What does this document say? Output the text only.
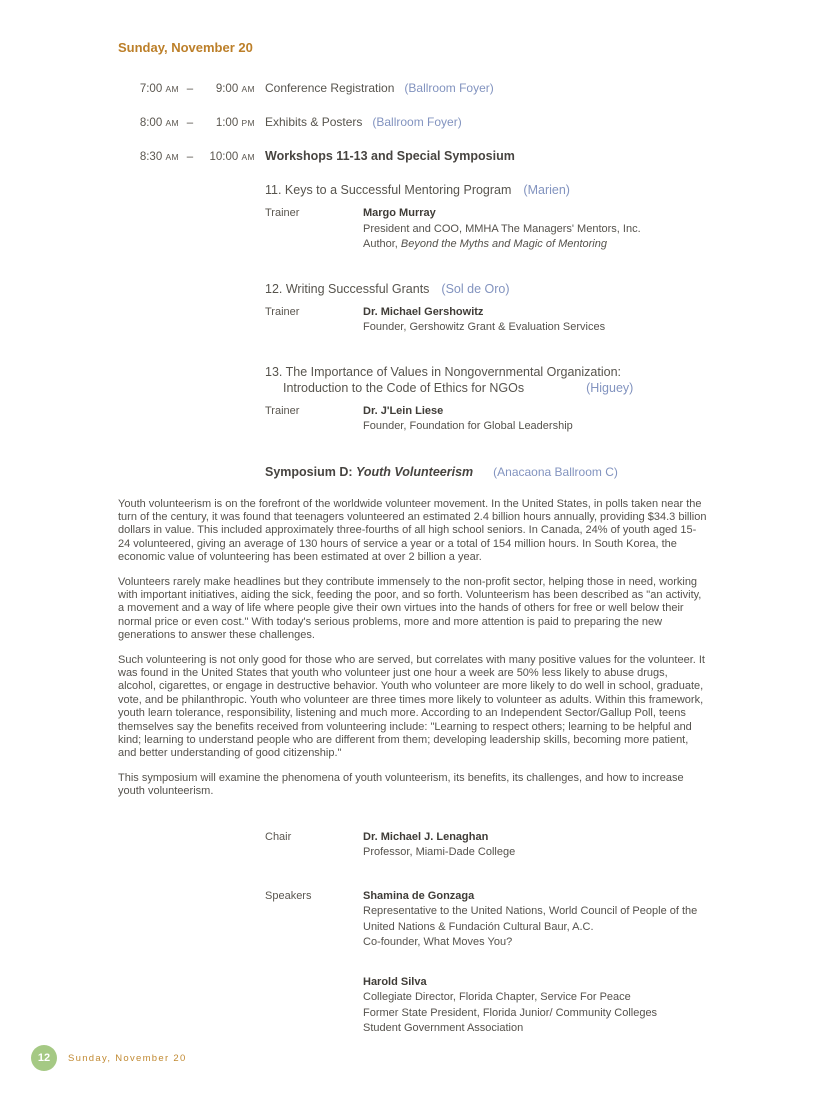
Sunday, November 20
7:00 AM –	9:00 AM Conference Registration (Ballroom Foyer)
8:00 AM –	1:00 PM Exhibits & Posters (Ballroom Foyer)
8:30 AM –	10:00 AM Workshops 11-13 and Special Symposium
11. Keys to a Successful Mentoring Program (Marien)
Trainer	Margo Murray
President and COO, MMHA The Managers' Mentors, Inc.
Author, Beyond the Myths and Magic of Mentoring
12. Writing Successful Grants (Sol de Oro)
Trainer	Dr. Michael Gershowitz
Founder, Gershowitz Grant & Evaluation Services
13. The Importance of Values in Nongovernmental Organization:
Introduction to the Code of Ethics for NGOs	(Higuey)
Trainer	Dr. J'Lein Liese
Founder, Foundation for Global Leadership
Symposium D: Youth Volunteerism (Anacaona Ballroom C)

Youth volunteerism is on the forefront of the worldwide volunteer movement. In the United States, in polls taken near the turn of the century, it was found that teenagers volunteered an estimated 2.4 billion hours annually, providing $34.3 billion dollars in value. This included approximately three-fourths of all high school seniors. In Canada, 24% of youth aged 15-24 volunteered, giving an average of 130 hours of service a year or a total of 154 million hours. In South Korea, the economic value of volunteering has been estimated at over 2 billion a year.

Volunteers rarely make headlines but they contribute immensely to the non-profit sector, helping those in need, working with important initiatives, aiding the sick, feeding the poor, and so forth. Volunteerism has been described as "an activity, a movement and a way of life where people give their own virtues into the hands of others for free or well below their normal price or even cost." With today's serious problems, more and more attention is paid to preparing the new generations to answer these challenges.

Such volunteering is not only good for those who are served, but correlates with many positive values for the volunteer. It was found in the United States that youth who volunteer just one hour a week are 50% less likely to abuse drugs, alcohol, cigarettes, or engage in destructive behavior. Youth who volunteer are more likely to do well in school, graduate, vote, and be philanthropic. Youth who volunteer are three times more likely to volunteer as adults. Within this framework, youth learn tolerance, responsibility, listening and much more. According to an Independent Sector/Gallup Poll, teens themselves say the benefits received from volunteering include: "Learning to respect others; learning to be helpful and kind; learning to understand people who are different from them; developing leadership skills, becoming more patient, and better understanding of good citizenship."

This symposium will examine the phenomena of youth volunteerism, its benefits, its challenges, and how to increase youth volunteerism.

Chair	Dr. Michael J. Lenaghan
Professor, Miami-Dade College
Speakers	Shamina de Gonzaga
Representative to the United Nations, World Council of People of the
United Nations & Fundación Cultural Baur, A.C.
Co-founder, What Moves You?
Harold Silva
Collegiate Director, Florida Chapter, Service For Peace
Former State President, Florida Junior/ Community Colleges
Student Government Association
12	Sunday, November 20
